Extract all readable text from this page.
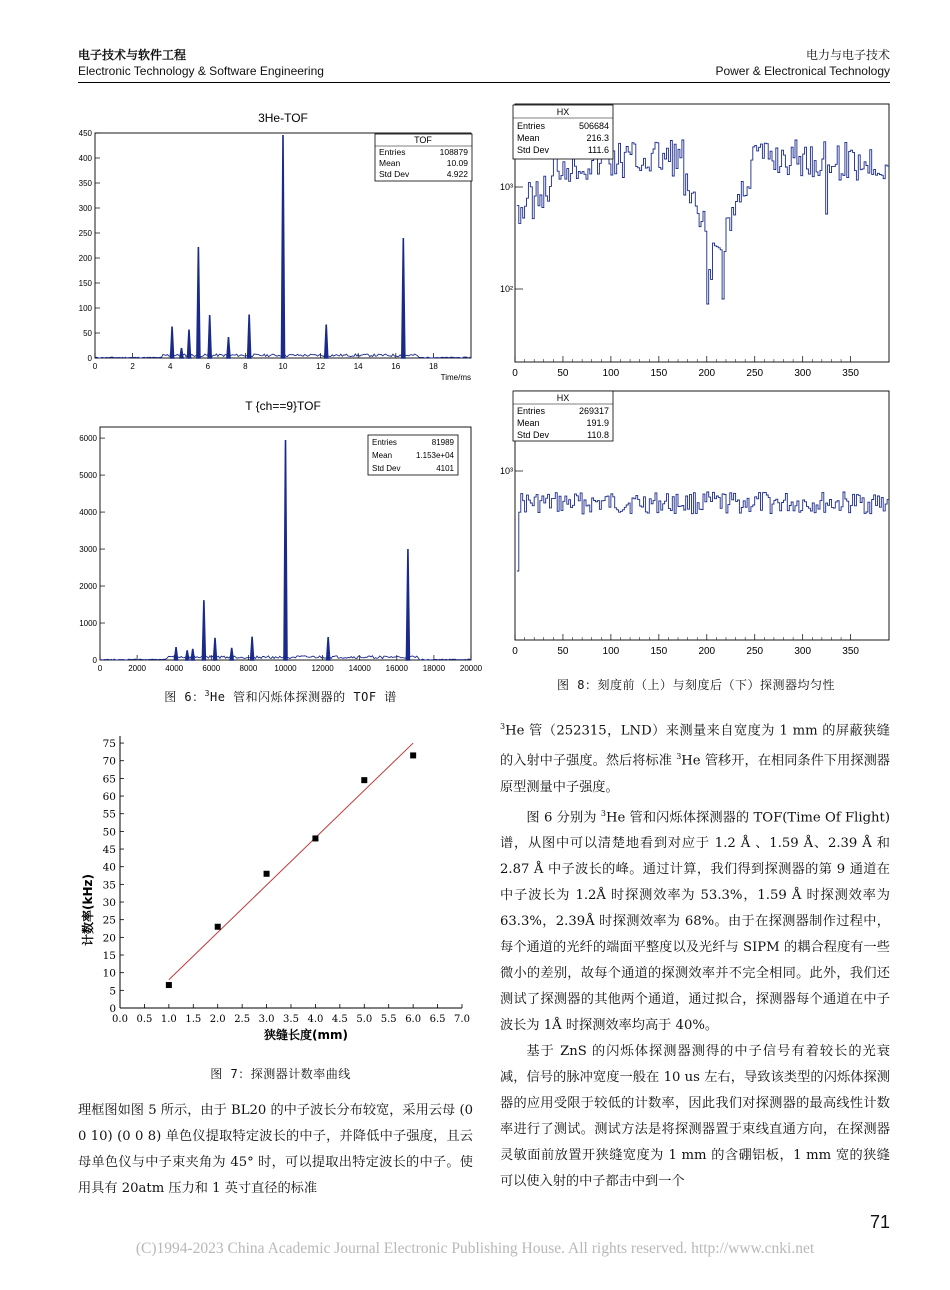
电子技术与软件工程
Electronic Technology & Software Engineering
电力与电子技术
Power & Electronical Technology
3He-TOF
0
50
100
150
200
250
300
350
400
450
0	2	4	6	8	10	12	14	16	18
TOF
Entries	108879
Mean	10.09
Std Dev	4.922
Time/ms
T {ch==9}TOF
0
1000
2000
3000
4000
5000
6000
0	2000 4000 6000 8000 10000 12000 14000 16000 18000 20000
Entries	81989
Mean	1.153e+04
Std Dev	4101
图 6：$^3$He 管和闪烁体探测器的 TOF 谱
0
5
10
15
20
25
30
35
40
45
50
55
60
65
70
75
0.0 0.5 1.0 1.5 2.0 2.5 3.0 3.5 4.0 4.5 5.0 5.5 6.0 6.5 7.0
计数率(kHz)
狭缝长度(mm)
图 7：探测器计数率曲线

理框图如图 5 所示，由于 BL20 的中子波长分布较宽，采用云母 (0 0 10) (0 0 8) 单色仪提取特定波长的中子，并降低中子强度，且云母单色仪与中子束夹角为 45° 时，可以提取出特定波长的中子。使用具有 20atm 压力和 1 英寸直径的标准

0	50	100	150	200	250	300	350
10²
10³
HX
Entries	506684
Mean	216.3
Std Dev	111.6
0	50	100	150	200	250	300	350
10³
HX
Entries	269317
Mean	191.9
Std Dev	110.8
图 8：刻度前（上）与刻度后（下）探测器均匀性

$^3$He 管（252315，LND）来测量来自宽度为 1 mm 的屏蔽狭缝的入射中子强度。然后将标准 $^3$He 管移开，在相同条件下用探测器原型测量中子强度。

图 6 分别为 $^3$He 管和闪烁体探测器的 TOF(Time Of Flight) 谱，从图中可以清楚地看到对应于 1.2 Å 、1.59 Å、2.39 Å 和 2.87 Å 中子波长的峰。通过计算，我们得到探测器的第 9 通道在中子波长为 1.2Å 时探测效率为 53.3%，1.59 Å 时探测效率为 63.3%，2.39Å 时探测效率为 68%。由于在探测器制作过程中，每个通道的光纤的端面平整度以及光纤与 SIPM 的耦合程度有一些微小的差别，故每个通道的探测效率并不完全相同。此外，我们还测试了探测器的其他两个通道，通过拟合，探测器每个通道在中子波长为 1Å 时探测效率均高于 40%。

基于 ZnS 的闪烁体探测器测得的中子信号有着较长的光衰减，信号的脉冲宽度一般在 10 us 左右，导致该类型的闪烁体探测器的应用受限于较低的计数率，因此我们对探测器的最高线性计数率进行了测试。测试方法是将探测器置于束线直通方向，在探测器灵敏面前放置开狭缝宽度为 1 mm 的含硼铝板，1 mm 宽的狭缝可以使入射的中子都击中到一个

71
(C)1994-2023 China Academic Journal Electronic Publishing House. All rights reserved. http://www.cnki.net
